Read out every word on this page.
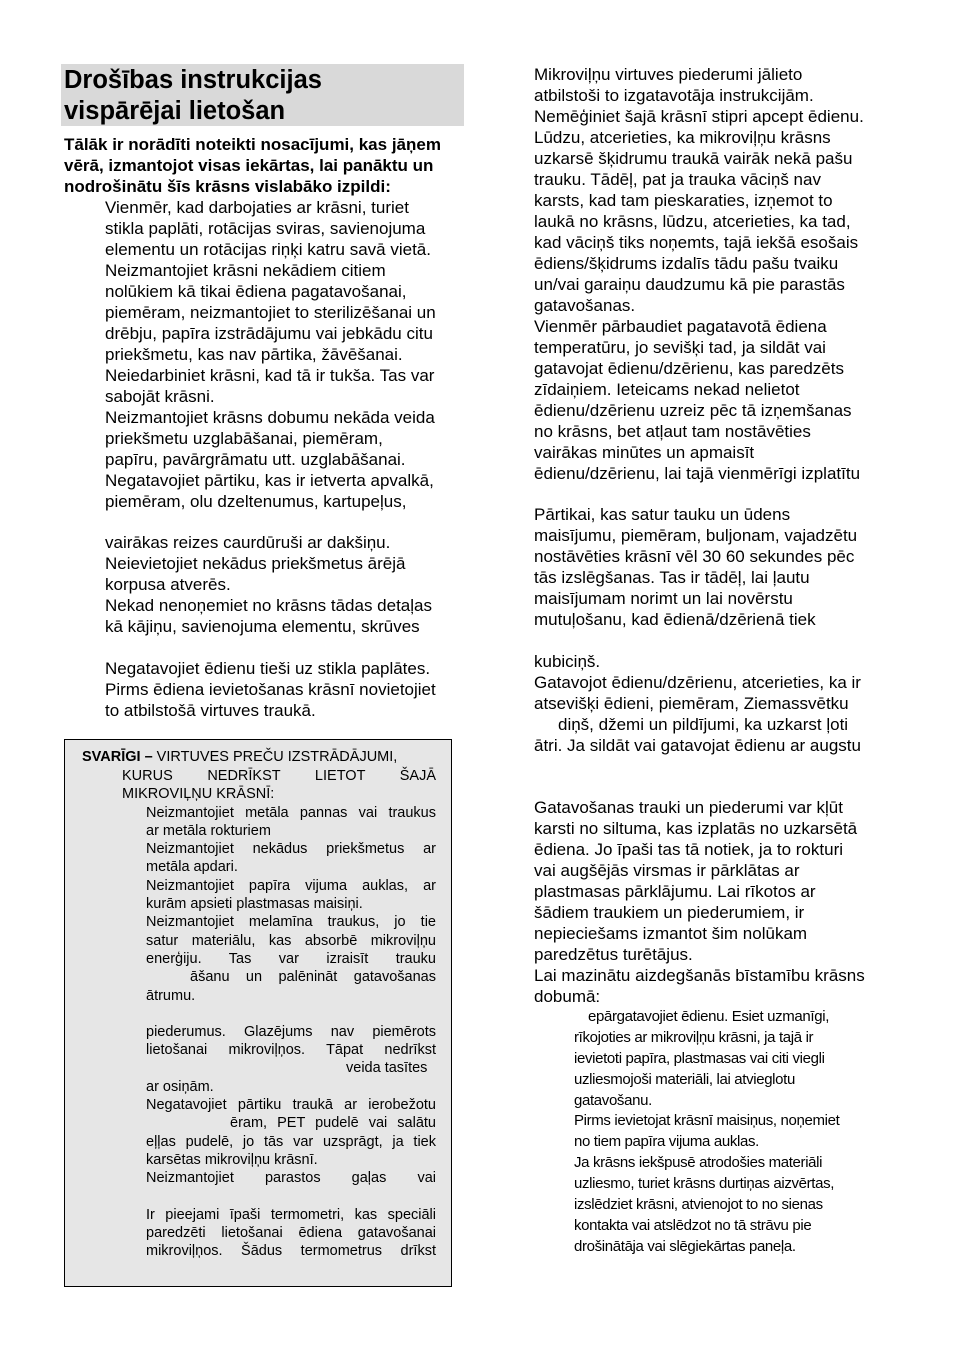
Drošības instrukcijas
vispārējai lietošan
Tālāk ir norādīti noteikti nosacījumi, kas jāņem
vērā, izmantojot visas iekārtas, lai panāktu un
nodrošinātu šīs krāsns vislabāko izpildi:
Vienmēr, kad darbojaties ar krāsni, turiet
stikla paplāti, rotācijas sviras, savienojuma
elementu un rotācijas riņķi katru savā vietā.
Neizmantojiet krāsni nekādiem citiem
nolūkiem kā tikai ēdiena pagatavošanai,
piemēram, neizmantojiet to sterilizēšanai un
drēbju, papīra izstrādājumu vai jebkādu citu
priekšmetu, kas nav pārtika, žāvēšanai.
Neiedarbiniet krāsni, kad tā ir tukša. Tas var
sabojāt krāsni.
Neizmantojiet krāsns dobumu nekāda veida
priekšmetu uzglabāšanai, piemēram,
papīru, pavārgrāmatu utt. uzglabāšanai.
Negatavojiet pārtiku, kas ir ietverta apvalkā,
piemēram, olu dzeltenumus, kartupeļus,
vairākas reizes caurdūruši ar dakšiņu.
Neievietojiet nekādus priekšmetus ārējā
korpusa atverēs.
Nekad nenoņemiet no krāsns tādas detaļas
kā kājiņu, savienojuma elementu, skrūves
Negatavojiet ēdienu tieši uz stikla paplātes.
Pirms ēdiena ievietošanas krāsnī novietojiet
to atbilstošā virtuves traukā.
SVARĪGI – VIRTUVES PREČU IZSTRĀDĀJUMI,
KURUS NEDRĪKST LIETOT ŠAJĀ
MIKROVIĻŅU KRĀSNĪ:
Neizmantojiet metāla pannas vai traukus
ar metāla rokturiem
Neizmantojiet nekādus priekšmetus ar
metāla apdari.
Neizmantojiet papīra vijuma auklas, ar
kurām apsieti plastmasas maisiņi.
Neizmantojiet melamīna traukus, jo tie
satur materiālu, kas absorbē mikroviļņu
enerģiju. Tas var izraisīt trauku
āšanu un palēnināt gatavošanas
ātrumu.
piederumus. Glazējums nav piemērots
lietošanai mikroviļņos. Tāpat nedrīkst
veida tasītes
ar osiņām.
Negatavojiet pārtiku traukā ar ierobežotu
ēram, PET pudelē vai salātu
eļļas pudelē, jo tās var uzsprāgt, ja tiek
karsētas mikroviļņu krāsnī.
Neizmantojiet parastos gaļas vai
Ir pieejami īpaši termometri, kas speciāli
paredzēti lietošanai ēdiena gatavošanai
mikroviļņos. Šādus termometrus drīkst
Mikroviļņu virtuves piederumi jālieto
atbilstoši to izgatavotāja instrukcijām.
Nemēģiniet šajā krāsnī stipri apcept ēdienu.
Lūdzu, atcerieties, ka mikroviļņu krāsns
uzkarsē šķidrumu traukā vairāk nekā pašu
trauku. Tādēļ, pat ja trauka vāciņš nav
karsts, kad tam pieskaraties, izņemot to
laukā no krāsns, lūdzu, atcerieties, ka tad,
kad vāciņš tiks noņemts, tajā iekšā esošais
ēdiens/šķidrums izdalīs tādu pašu tvaiku
un/vai garaiņu daudzumu kā pie parastās
gatavošanas.
Vienmēr pārbaudiet pagatavotā ēdiena
temperatūru, jo sevišķi tad, ja sildāt vai
gatavojat ēdienu/dzērienu, kas paredzēts
zīdaiņiem. Ieteicams nekad nelietot
ēdienu/dzērienu uzreiz pēc tā izņemšanas
no krāsns, bet atļaut tam nostāvēties
vairākas minūtes un apmaisīt
ēdienu/dzērienu, lai tajā vienmērīgi izplatītu
Pārtikai, kas satur tauku un ūdens
maisījumu, piemēram, buljonam, vajadzētu
nostāvēties krāsnī vēl 30 60 sekundes pēc
tās izslēgšanas. Tas ir tādēļ, lai ļautu
maisījumam norimt un lai novērstu
mutuļošanu, kad ēdienā/dzērienā tiek
kubiciņš.
Gatavojot ēdienu/dzērienu, atcerieties, ka ir
atsevišķi ēdieni, piemēram, Ziemassvētku
diņš, džemi un pildījumi, ka uzkarst ļoti
ātri. Ja sildāt vai gatavojat ēdienu ar augstu
Gatavošanas trauki un piederumi var kļūt
karsti no siltuma, kas izplatās no uzkarsētā
ēdiena. Jo īpaši tas tā notiek, ja to rokturi
vai augšējās virsmas ir pārklātas ar
plastmasas pārklājumu. Lai rīkotos ar
šādiem traukiem un piederumiem, ir
nepieciešams izmantot šim nolūkam
paredzētus turētājus.
Lai mazinātu aizdegšanās bīstamību krāsns
dobumā:
epārgatavojiet ēdienu. Esiet uzmanīgi,
rīkojoties ar mikroviļņu krāsni, ja tajā ir
ievietoti papīra, plastmasas vai citi viegli
uzliesmojoši materiāli, lai atvieglotu
gatavošanu.
Pirms ievietojat krāsnī maisiņus, noņemiet
no tiem papīra vijuma auklas.
Ja krāsns iekšpusē atrodošies materiāli
uzliesmo, turiet krāsns durtiņas aizvērtas,
izslēdziet krāsni, atvienojot to no sienas
kontakta vai atslēdzot no tā strāvu pie
drošinātāja vai slēgiekārtas paneļa.
